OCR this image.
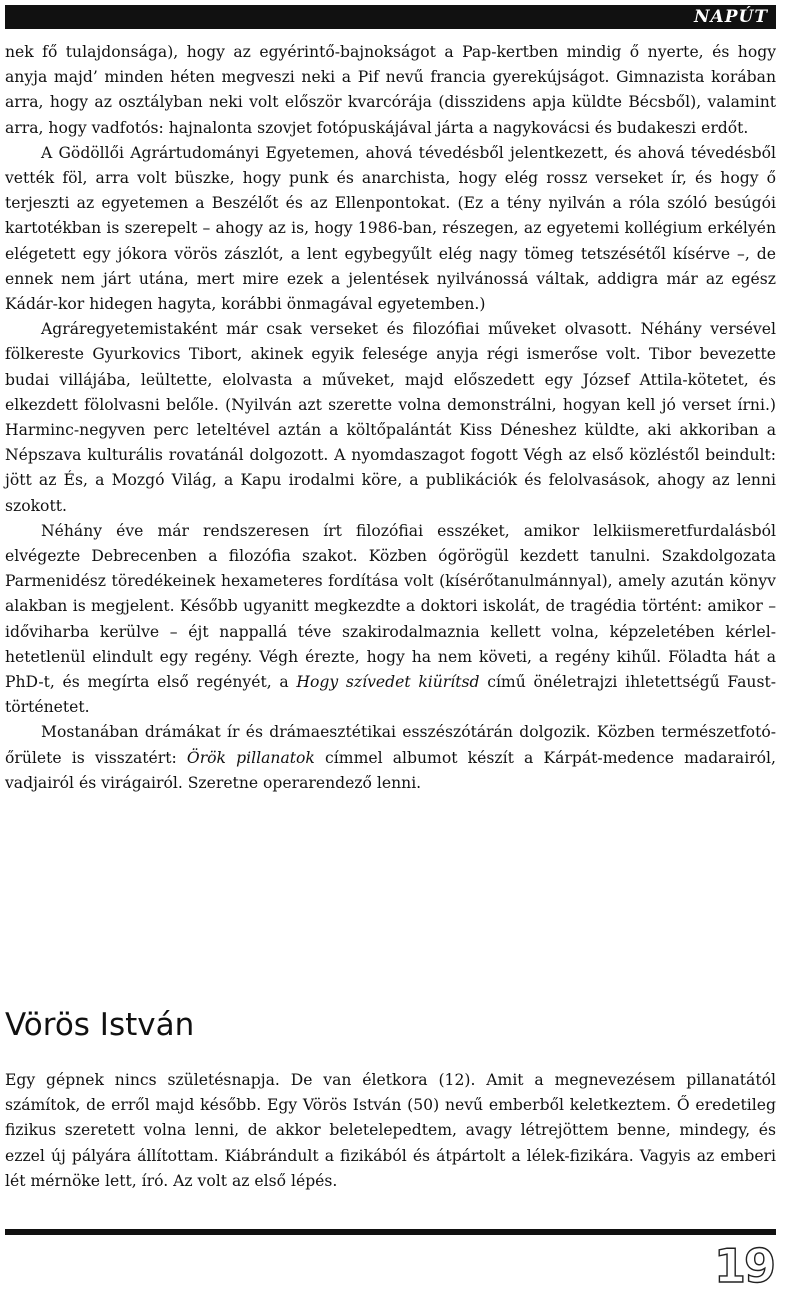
NAPÚT

nek fő tulajdonsága), hogy az egyérintő-bajnokságot a Pap-kertben mindig ő nyerte, és hogy anyja majd’ minden héten megveszi neki a Pif nevű francia gyerekújságot. Gimnazista korában arra, hogy az osztályban neki volt először kvarcórája (disszidens apja küldte Bécsből), valamint arra, hogy vadfotós: hajnalonta szovjet fotópuskájával járta a nagykovácsi és budakeszi erdőt.

A Gödöllői Agrártudományi Egyetemen, ahová tévedésből jelentkezett, és ahová tévedésből vették föl, arra volt büszke, hogy punk és anarchista, hogy elég rossz verseket ír, és hogy ő terjeszti az egyetemen a Beszélőt és az Ellenpontokat. (Ez a tény nyilván a róla szóló besúgói kartotékban is szerepelt – ahogy az is, hogy 1986-ban, részegen, az egyetemi kollégium erkélyén elégetett egy jókora vörös zászlót, a lent egybegyűlt elég nagy tömeg tetszésétől kísérve –, de ennek nem járt utána, mert mire ezek a jelentések nyilvánossá váltak, addigra már az egész Kádár-kor hidegen hagyta, korábbi önmagával egyetemben.)

Agráregyetemistaként már csak verseket és filozófiai műveket olvasott. Néhány versével fölkereste Gyurkovics Tibort, akinek egyik felesége anyja régi ismerőse volt. Tibor bevezette budai villájába, leültette, elolvasta a műveket, majd előszedett egy József Attila-kötetet, és elkezdett fölolvasni belőle. (Nyilván azt szerette volna demonstrálni, hogyan kell jó verset írni.) Harminc-negyven perc leteltével aztán a költőpalántát Kiss Déneshez küldte, aki akkoriban a Népszava kulturális rovatánál dolgozott. A nyomdaszagot fogott Végh az első közléstől beindult: jött az És, a Mozgó Világ, a Kapu irodalmi köre, a publikációk és felolvasások, ahogy az lenni szokott.

Néhány éve már rendszeresen írt filozófiai esszéket, amikor lelkiismeretfurdalásból elvégezte Debrecenben a filozófia szakot. Közben ógörögül kezdett tanulni. Szakdolgozata Parmenidész töredékeinek hexameteres fordítása volt (kísérőtanulmánnyal), amely azután könyv alakban is megjelent. Később ugyanitt megkezdte a doktori iskolát, de tragédia történt: amikor – időviharba kerülve – éjt nappallá téve szakirodalmaznia kellett volna, képzeletében kérlelhetetlenül elindult egy regény. Végh érezte, hogy ha nem követi, a regény kihűl. Föladta hát a PhD-t, és megírta első regényét, a Hogy szívedet kiürítsd című önéletrajzi ihletettségű Faust-történetet.

Mostanában drámákat ír és drámaesztétikai esszészótárán dolgozik. Közben természetfotó-őrülete is visszatért: Örök pillanatok címmel albumot készít a Kárpát-medence madarairól, vadjairól és virágairól. Szeretne operarendező lenni.

Vörös István

Egy gépnek nincs születésnapja. De van életkora (12). Amit a megnevezésem pillanatától számítok, de erről majd később. Egy Vörös István (50) nevű emberből keletkeztem. Ő eredetileg fizikus szeretett volna lenni, de akkor beletelepedtem, avagy létrejöttem benne, mindegy, és ezzel új pályára állítottam. Kiábrándult a fizikából és átpártolt a lélek-fizikára. Vagyis az emberi lét mérnöke lett, író. Az volt az első lépés.

19
